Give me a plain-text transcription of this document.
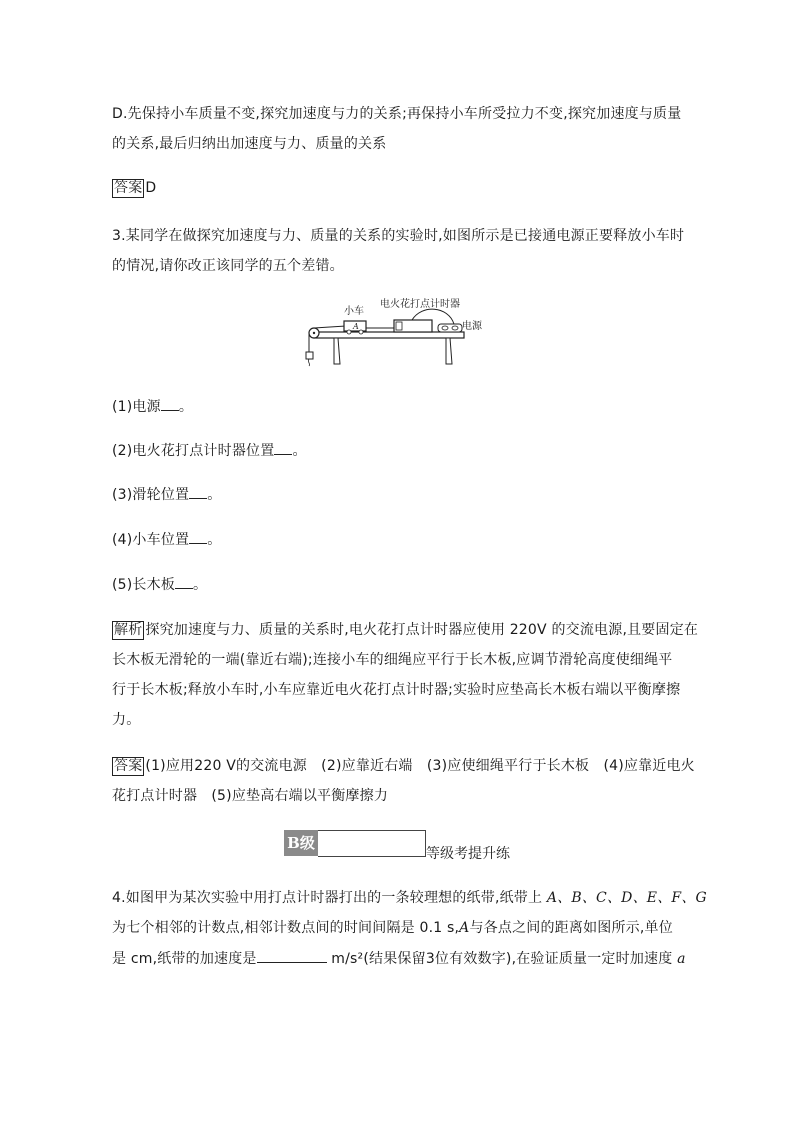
D.先保持小车质量不变,探究加速度与力的关系;再保持小车所受拉力不变,探究加速度与质量
的关系,最后归纳出加速度与力、质量的关系
答案 D
3.某同学在做探究加速度与力、质量的关系的实验时,如图所示是已接通电源正要释放小车时
的情况,请你改正该同学的五个差错。
A
小车
电火花打点计时器
电源
(1)电源 。
(2)电火花打点计时器位置 。
(3)滑轮位置 。
(4)小车位置 。
(5)长木板 。
解析 探究加速度与力、质量的关系时,电火花打点计时器应使用 220V 的交流电源,且要固定在
长木板无滑轮的一端(靠近右端);连接小车的细绳应平行于长木板,应调节滑轮高度使细绳平
行于长木板;释放小车时,小车应靠近电火花打点计时器;实验时应垫高长木板右端以平衡摩擦
力。
答案 (1)应用220 V的交流电源　(2)应靠近右端　(3)应使细绳平行于长木板　(4)应靠近电火
花打点计时器　(5)应垫高右端以平衡摩擦力
B级
等级考提升练
4.如图甲为某次实验中用打点计时器打出的一条较理想的纸带,纸带上 A、B、C、D、E、F、G
为七个相邻的计数点,相邻计数点间的时间间隔是 0.1 s,A与各点之间的距离如图所示,单位
是 cm,纸带的加速度是	m/s²(结果保留3位有效数字),在验证质量一定时加速度 a
